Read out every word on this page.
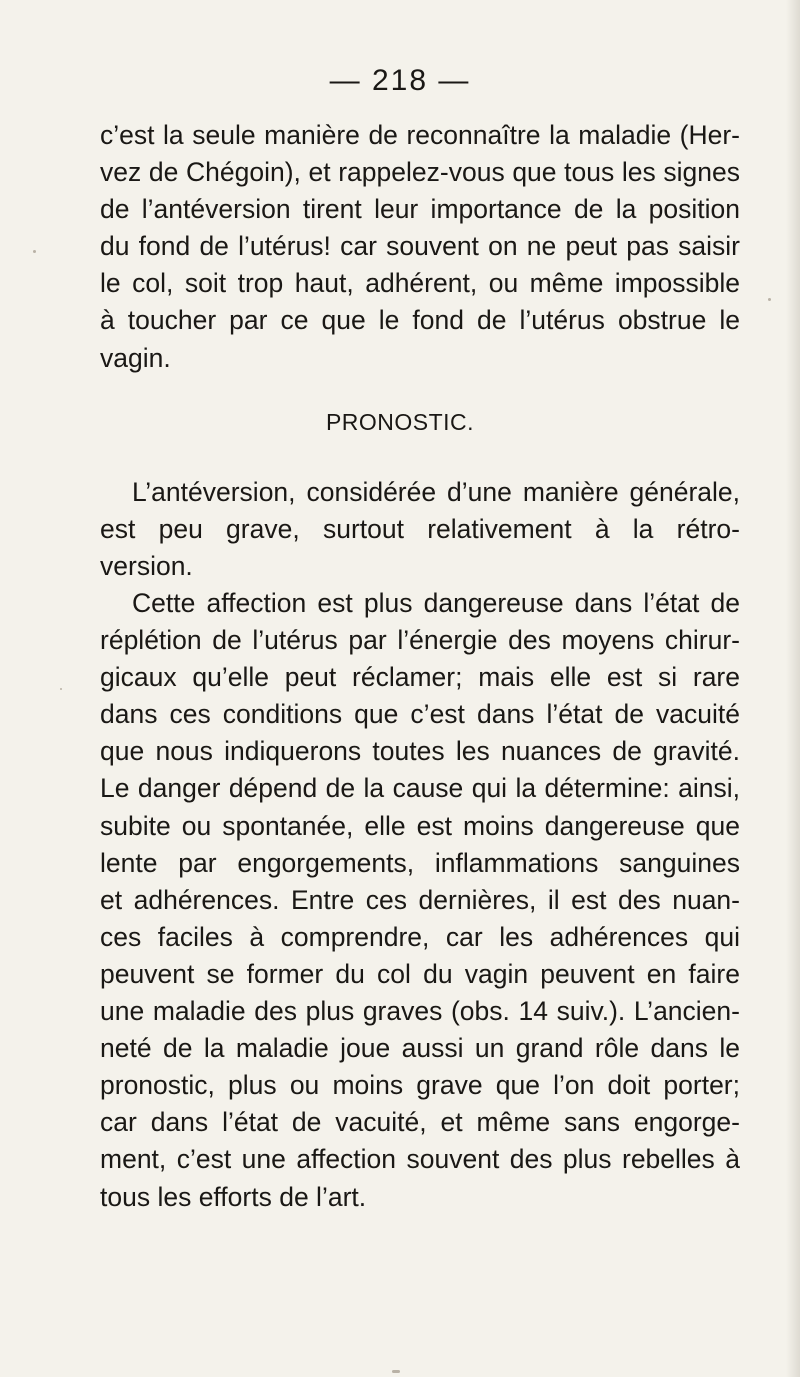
— 218 —
c’est la seule manière de reconnaître la maladie (Her-
vez de Chégoin), et rappelez-vous que tous les signes
de l’antéversion tirent leur importance de la position
du fond de l’utérus! car souvent on ne peut pas saisir
le col, soit trop haut, adhérent, ou même impossible
à toucher par ce que le fond de l’utérus obstrue le
vagin.
PRONOSTIC.
L’antéversion, considérée d’une manière générale,
est peu grave, surtout relativement à la rétro-
version.
Cette affection est plus dangereuse dans l’état de
réplétion de l’utérus par l’énergie des moyens chirur-
gicaux qu’elle peut réclamer; mais elle est si rare
dans ces conditions que c’est dans l’état de vacuité
que nous indiquerons toutes les nuances de gravité.
Le danger dépend de la cause qui la détermine: ainsi,
subite ou spontanée, elle est moins dangereuse que
lente par engorgements, inflammations sanguines
et adhérences. Entre ces dernières, il est des nuan-
ces faciles à comprendre, car les adhérences qui
peuvent se former du col du vagin peuvent en faire
une maladie des plus graves (obs. 14 suiv.). L’ancien-
neté de la maladie joue aussi un grand rôle dans le
pronostic, plus ou moins grave que l’on doit porter;
car dans l’état de vacuité, et même sans engorge-
ment, c’est une affection souvent des plus rebelles à
tous les efforts de l’art.
